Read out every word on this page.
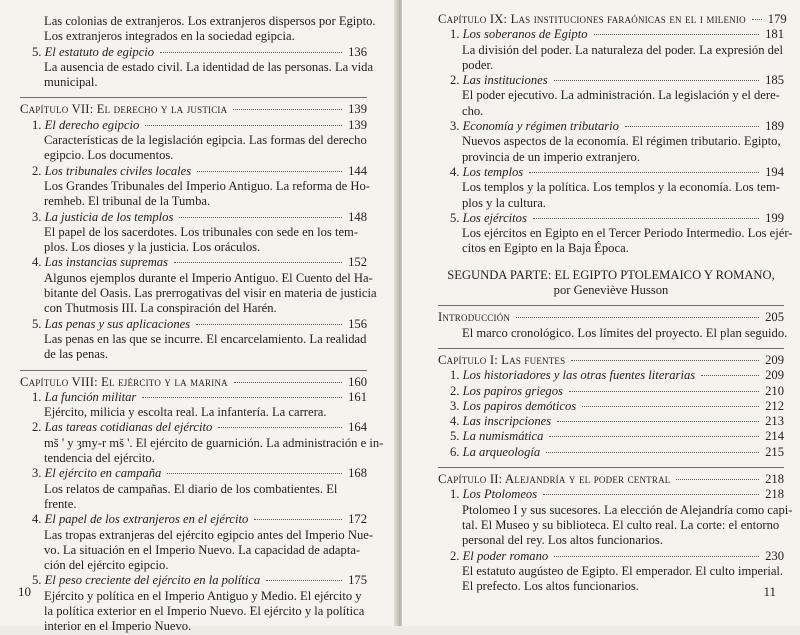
Las colonias de extranjeros. Los extranjeros dispersos por Egipto.
Los extranjeros integrados en la sociedad egipcia.
5. El estatuto de egipcio	136
La ausencia de estado civil. La identidad de las personas. La vida
municipal.
Capítulo VII: El derecho y la justicia	139
1. El derecho egipcio	139
Características de la legislación egipcia. Las formas del derecho
egipcio. Los documentos.
2. Los tribunales civiles locales	144
Los Grandes Tribunales del Imperio Antiguo. La reforma de Ho-
remheb. El tribunal de la Tumba.
3. La justicia de los templos	148
El papel de los sacerdotes. Los tribunales con sede en los tem-
plos. Los dioses y la justicia. Los oráculos.
4. Las instancias supremas	152
Algunos ejemplos durante el Imperio Antiguo. El Cuento del Ha-
bitante del Oasis. Las prerrogativas del visir en materia de justicia
con Thutmosis III. La conspiración del Harén.
5. Las penas y sus aplicaciones	156
Las penas en las que se incurre. El encarcelamiento. La realidad
de las penas.
Capítulo VIII: El ejército y la marina	160
1. La función militar	161
Ejército, milicia y escolta real. La infantería. La carrera.
2. Las tareas cotidianas del ejército	164
mš ' y ȝmy-r mš '. El ejército de guarnición. La administración e in-
tendencia del ejército.
3. El ejército en campaña	168
Los relatos de campañas. El diario de los combatientes. El
frente.
4. El papel de los extranjeros en el ejército	172
Las tropas extranjeras del ejército egipcio antes del Imperio Nue-
vo. La situación en el Imperio Nuevo. La capacidad de adapta-
ción del ejército egipcio.
5. El peso creciente del ejército en la política	175
Ejército y política en el Imperio Antiguo y Medio. El ejército y
la política exterior en el Imperio Nuevo. El ejército y la política
interior en el Imperio Nuevo.
10
Capítulo IX: Las instituciones faraónicas en el i milenio 179
1. Los soberanos de Egipto	181
La división del poder. La naturaleza del poder. La expresión del
poder.
2. Las instituciones	185
El poder ejecutivo. La administración. La legislación y el dere-
cho.
3. Economía y régimen tributario	189
Nuevos aspectos de la economía. El régimen tributario. Egipto,
provincia de un imperio extranjero.
4. Los templos	194
Los templos y la política. Los templos y la economía. Los tem-
plos y la cultura.
5. Los ejércitos	199
Los ejércitos en Egipto en el Tercer Periodo Intermedio. Los ejér-
citos en Egipto en la Baja Época.
SEGUNDA PARTE: EL EGIPTO PTOLEMAICO Y ROMANO,
por Geneviève Husson
Introducción	205
El marco cronológico. Los límites del proyecto. El plan seguido.
Capítulo I: Las fuentes	209
1. Los historiadores y las otras fuentes literarias	209
2. Los papiros griegos	210
3. Los papiros demóticos	212
4. Las inscripciones	213
5. La numismática	214
6. La arqueología	215
Capítulo II: Alejandría y el poder central	218
1. Los Ptolomeos	218
Ptolomeo I y sus sucesores. La elección de Alejandría como capi-
tal. El Museo y su biblioteca. El culto real. La corte: el entorno
personal del rey. Los altos funcionarios.
2. El poder romano	230
El estatuto augústeo de Egipto. El emperador. El culto imperial.
El prefecto. Los altos funcionarios.	11
